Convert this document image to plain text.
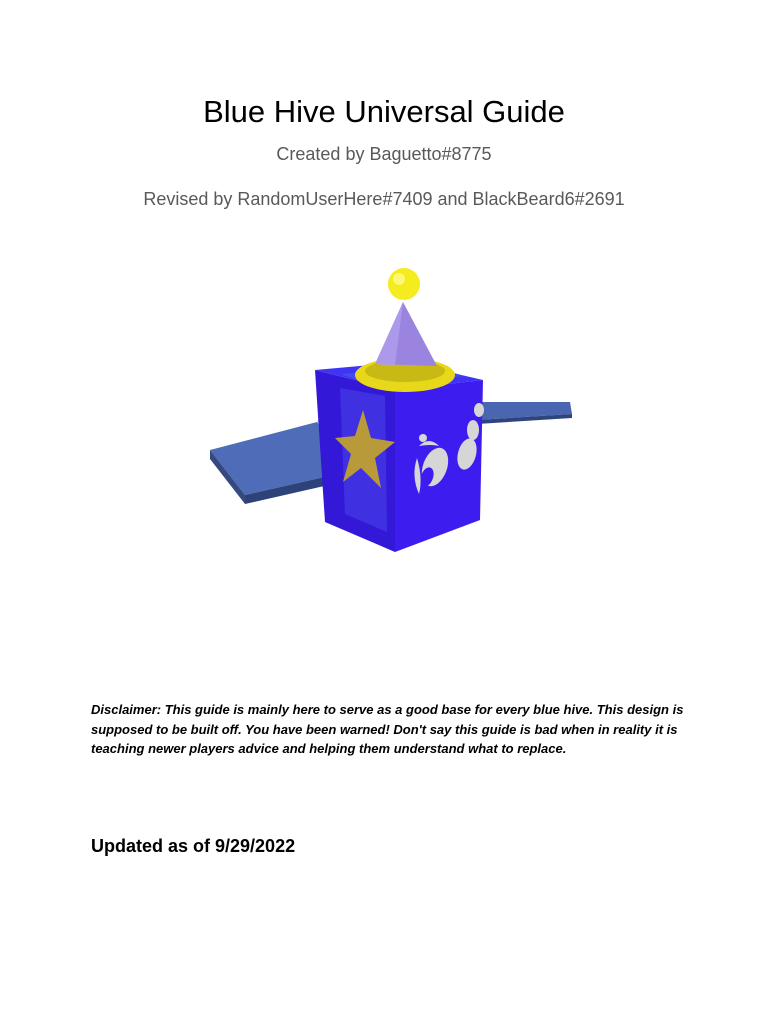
Blue Hive Universal Guide
Created by Baguetto#8775
Revised by RandomUserHere#7409 and BlackBeard6#2691
Disclaimer: This guide is mainly here to serve as a good base for every blue hive. This design is supposed to be built off. You have been warned! Don't say this guide is bad when in reality it is teaching newer players advice and helping them understand what to replace.
Updated as of 9/29/2022
